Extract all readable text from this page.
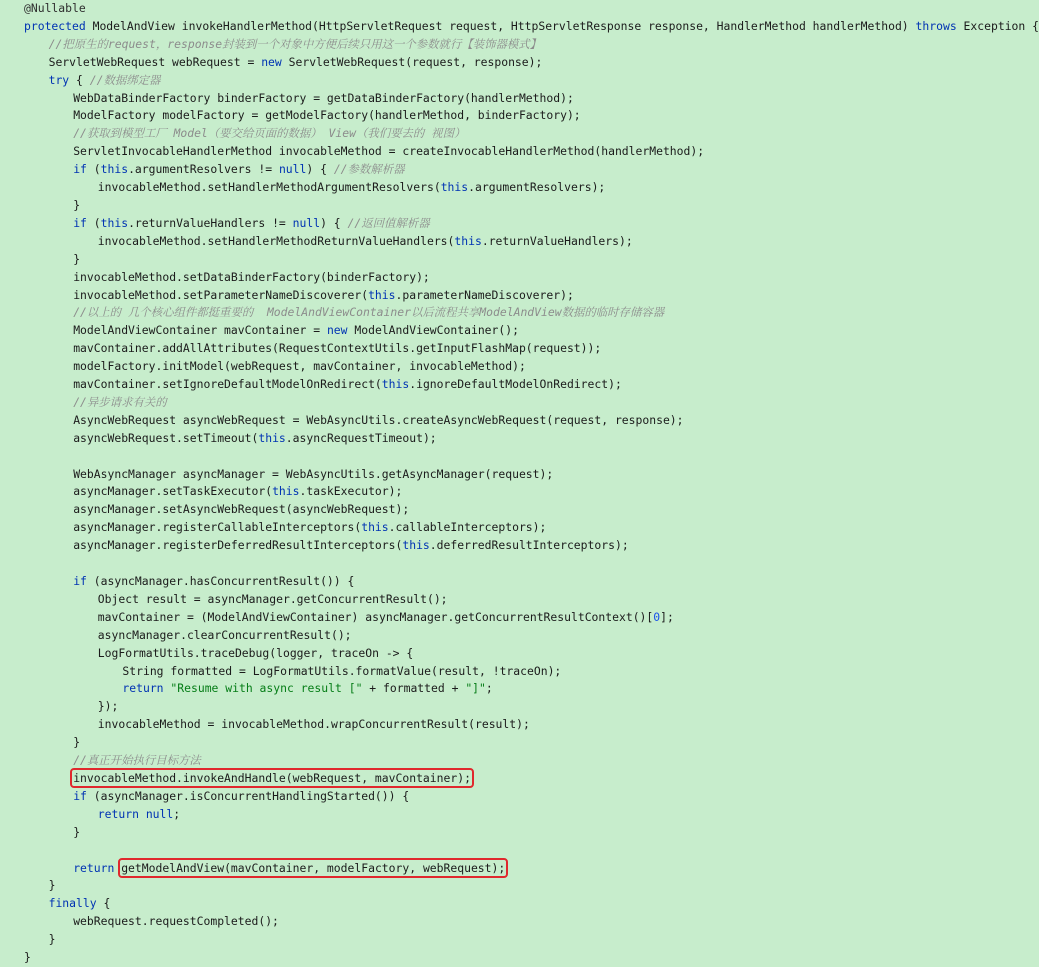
@Nullable
protected ModelAndView invokeHandlerMethod(HttpServletRequest request, HttpServletResponse response, HandlerMethod handlerMethod) throws Exception {
//把原生的request，response封装到一个对象中方便后续只用这一个参数就行【装饰器模式】
ServletWebRequest webRequest = new ServletWebRequest(request, response);
try { //数据绑定器
WebDataBinderFactory binderFactory = getDataBinderFactory(handlerMethod);
ModelFactory modelFactory = getModelFactory(handlerMethod, binderFactory);
//获取到模型工厂 Model（要交给页面的数据） View（我们要去的 视图）
ServletInvocableHandlerMethod invocableMethod = createInvocableHandlerMethod(handlerMethod);
if (this.argumentResolvers != null) { //参数解析器
invocableMethod.setHandlerMethodArgumentResolvers(this.argumentResolvers);
}
if (this.returnValueHandlers != null) { //返回值解析器
invocableMethod.setHandlerMethodReturnValueHandlers(this.returnValueHandlers);
}
invocableMethod.setDataBinderFactory(binderFactory);
invocableMethod.setParameterNameDiscoverer(this.parameterNameDiscoverer);
//以上的 几个核心组件都挺重要的  ModelAndViewContainer以后流程共享ModelAndView数据的临时存储容器
ModelAndViewContainer mavContainer = new ModelAndViewContainer();
mavContainer.addAllAttributes(RequestContextUtils.getInputFlashMap(request));
modelFactory.initModel(webRequest, mavContainer, invocableMethod);
mavContainer.setIgnoreDefaultModelOnRedirect(this.ignoreDefaultModelOnRedirect);
//异步请求有关的
AsyncWebRequest asyncWebRequest = WebAsyncUtils.createAsyncWebRequest(request, response);
asyncWebRequest.setTimeout(this.asyncRequestTimeout);
WebAsyncManager asyncManager = WebAsyncUtils.getAsyncManager(request);
asyncManager.setTaskExecutor(this.taskExecutor);
asyncManager.setAsyncWebRequest(asyncWebRequest);
asyncManager.registerCallableInterceptors(this.callableInterceptors);
asyncManager.registerDeferredResultInterceptors(this.deferredResultInterceptors);
if (asyncManager.hasConcurrentResult()) {
Object result = asyncManager.getConcurrentResult();
mavContainer = (ModelAndViewContainer) asyncManager.getConcurrentResultContext()[0];
asyncManager.clearConcurrentResult();
LogFormatUtils.traceDebug(logger, traceOn -> {
String formatted = LogFormatUtils.formatValue(result, !traceOn);
return "Resume with async result [" + formatted + "]";
});
invocableMethod = invocableMethod.wrapConcurrentResult(result);
}
//真正开始执行目标方法
invocableMethod.invokeAndHandle(webRequest, mavContainer);
if (asyncManager.isConcurrentHandlingStarted()) {
return null;
}
return getModelAndView(mavContainer, modelFactory, webRequest);
}
finally {
webRequest.requestCompleted();
}
}
